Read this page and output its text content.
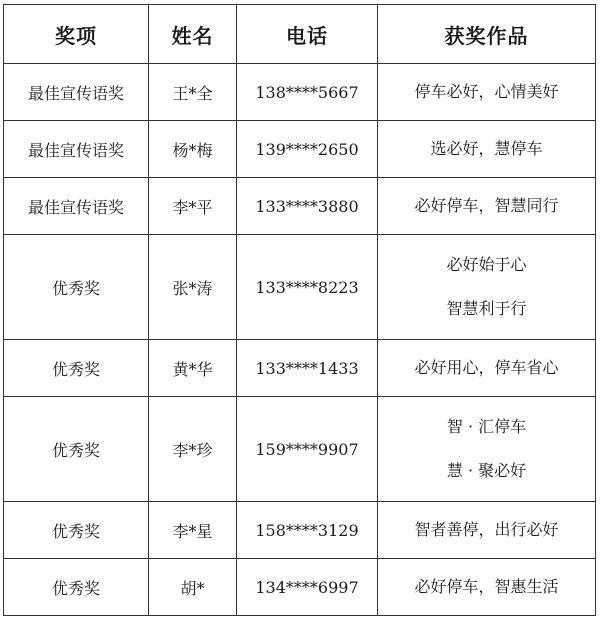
奖项	姓名	电话	获奖作品
最佳宣传语奖	王*全	138****5667	停车必好，心情美好

最佳宣传语奖	杨*梅	139****2650	选必好，慧停车

最佳宣传语奖	李*平	133****3880	必好停车，智慧同行

优秀奖	张*涛	133****8223	必好始于心
智慧利于行

优秀奖	黄*华	133****1433	必好用心，停车省心

优秀奖	李*珍	159****9907	智 · 汇停车
慧 · 聚必好

优秀奖	李*星	158****3129	智者善停，出行必好

优秀奖	胡*	134****6997	必好停车，智惠生活
